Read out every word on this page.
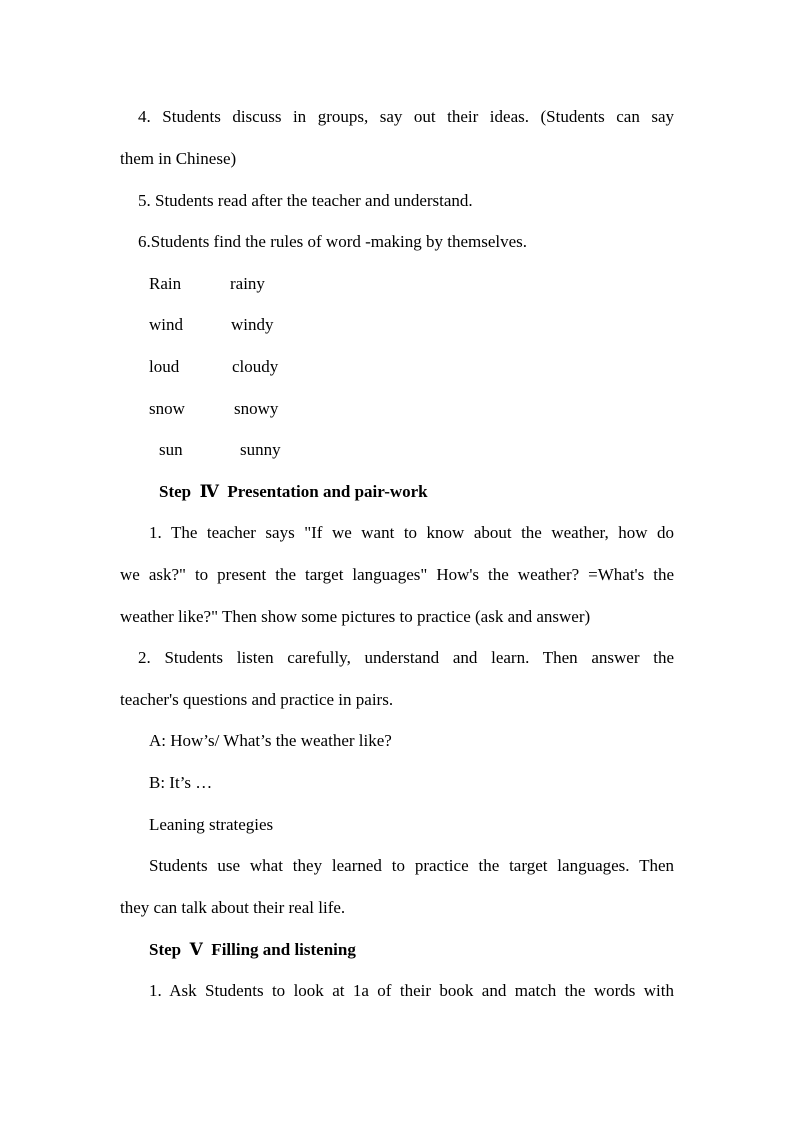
4. Students discuss in groups, say out their ideas. (Students can say
them in Chinese)
5. Students read after the teacher and understand.
6.Students find the rules of word -making by themselves.
Rain	rainy
wind	windy
loud	cloudy
snow	snowy
sun	sunny
Step  Ⅳ  Presentation and pair-work
1. The teacher says "If we want to know about the weather, how do
we ask?" to present the target languages" How's the weather? =What's the
weather like?" Then show some pictures to practice (ask and answer)
2. Students listen carefully, understand and learn. Then answer the
teacher's questions and practice in pairs.
A: How’s/ What’s the weather like?
B: It’s …
Leaning strategies
Students use what they learned to practice the target languages. Then
they can talk about their real life.
Step  Ⅴ  Filling and listening
1. Ask Students to look at 1a of their book and match the words with
